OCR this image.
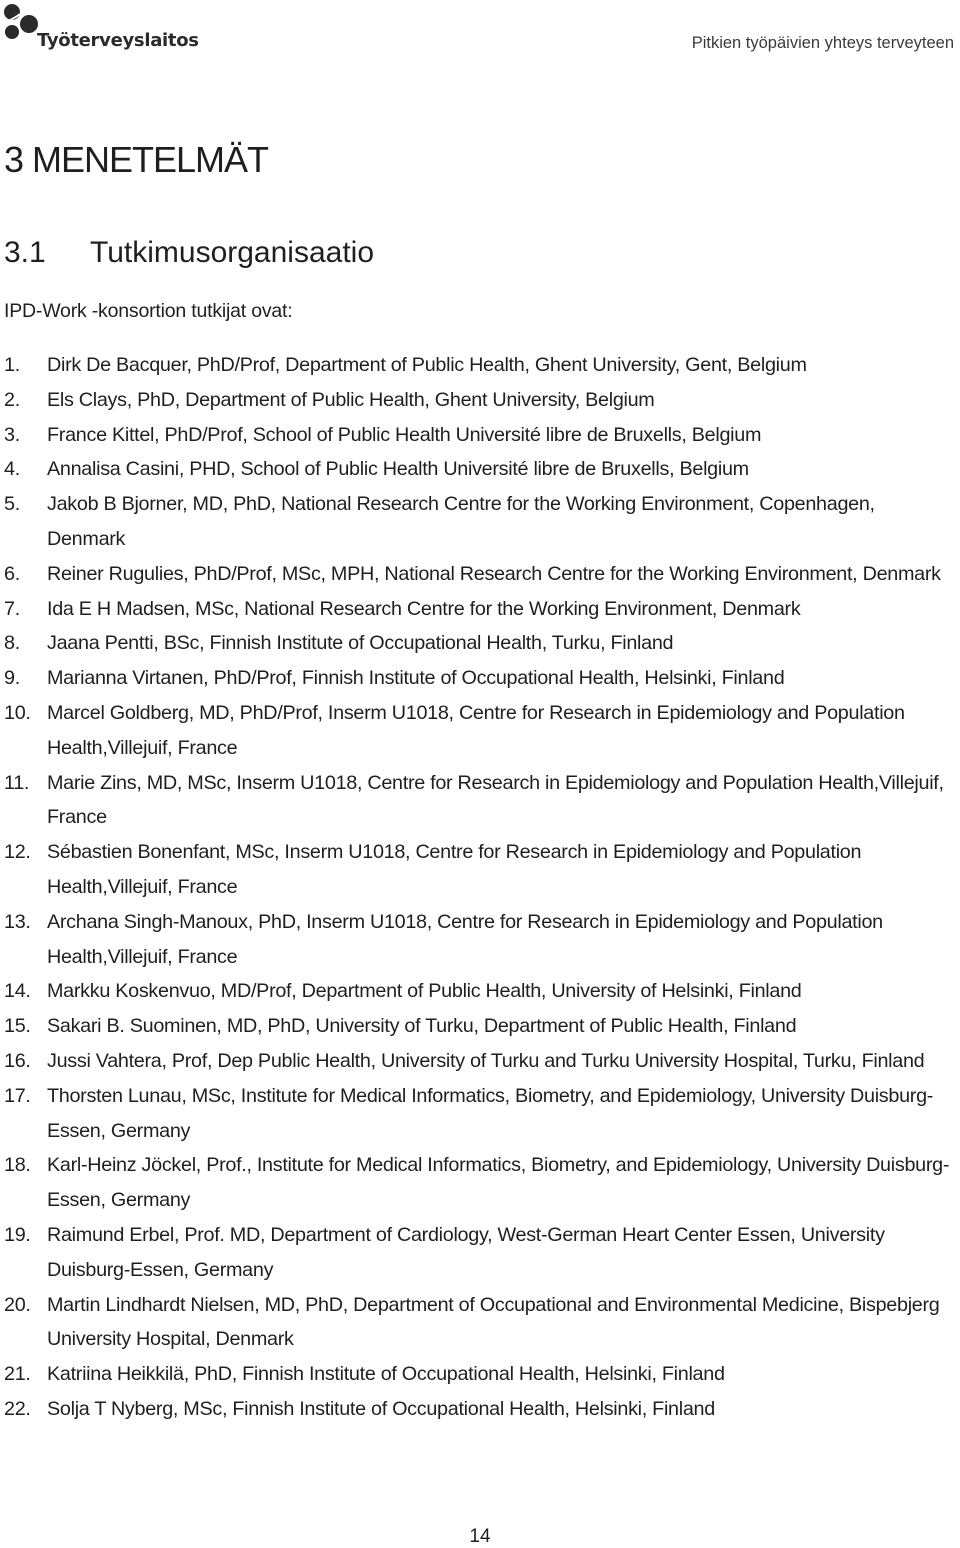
Työterveyslaitos	Pitkien työpäivien yhteys terveyteen
3 MENETELMÄT
3.1 Tutkimusorganisaatio

IPD-Work -konsortion tutkijat ovat:

1. Dirk De Bacquer, PhD/Prof, Department of Public Health, Ghent University, Gent, Belgium
2. Els Clays, PhD, Department of Public Health, Ghent University, Belgium
3. France Kittel, PhD/Prof, School of Public Health Université libre de Bruxells, Belgium
4. Annalisa Casini, PHD, School of Public Health Université libre de Bruxells, Belgium
5. Jakob B Bjorner, MD, PhD, National Research Centre for the Working Environment, Copenhagen, Denmark
6. Reiner Rugulies, PhD/Prof, MSc, MPH, National Research Centre for the Working Environment, Denmark
7. Ida E H Madsen, MSc, National Research Centre for the Working Environment, Denmark
8. Jaana Pentti, BSc, Finnish Institute of Occupational Health, Turku, Finland
9. Marianna Virtanen, PhD/Prof, Finnish Institute of Occupational Health, Helsinki, Finland
10. Marcel Goldberg, MD, PhD/Prof, Inserm U1018, Centre for Research in Epidemiology and Population Health,Villejuif, France
11. Marie Zins, MD, MSc, Inserm U1018, Centre for Research in Epidemiology and Population Health,Villejuif, France
12. Sébastien Bonenfant, MSc, Inserm U1018, Centre for Research in Epidemiology and Population Health,Villejuif, France
13. Archana Singh-Manoux, PhD, Inserm U1018, Centre for Research in Epidemiology and Population Health,Villejuif, France
14. Markku Koskenvuo, MD/Prof, Department of Public Health, University of Helsinki, Finland
15. Sakari B. Suominen, MD, PhD, University of Turku, Department of Public Health, Finland
16. Jussi Vahtera, Prof, Dep Public Health, University of Turku and Turku University Hospital, Turku, Finland
17. Thorsten Lunau, MSc, Institute for Medical Informatics, Biometry, and Epidemiology, University Duisburg-Essen, Germany
18. Karl-Heinz Jöckel, Prof., Institute for Medical Informatics, Biometry, and Epidemiology, University Duisburg-Essen, Germany
19. Raimund Erbel, Prof. MD, Department of Cardiology, West-German Heart Center Essen, University Duisburg-Essen, Germany
20. Martin Lindhardt Nielsen, MD, PhD, Department of Occupational and Environmental Medicine, Bispebjerg University Hospital, Denmark
21. Katriina Heikkilä, PhD, Finnish Institute of Occupational Health, Helsinki, Finland
22. Solja T Nyberg, MSc, Finnish Institute of Occupational Health, Helsinki, Finland
14
